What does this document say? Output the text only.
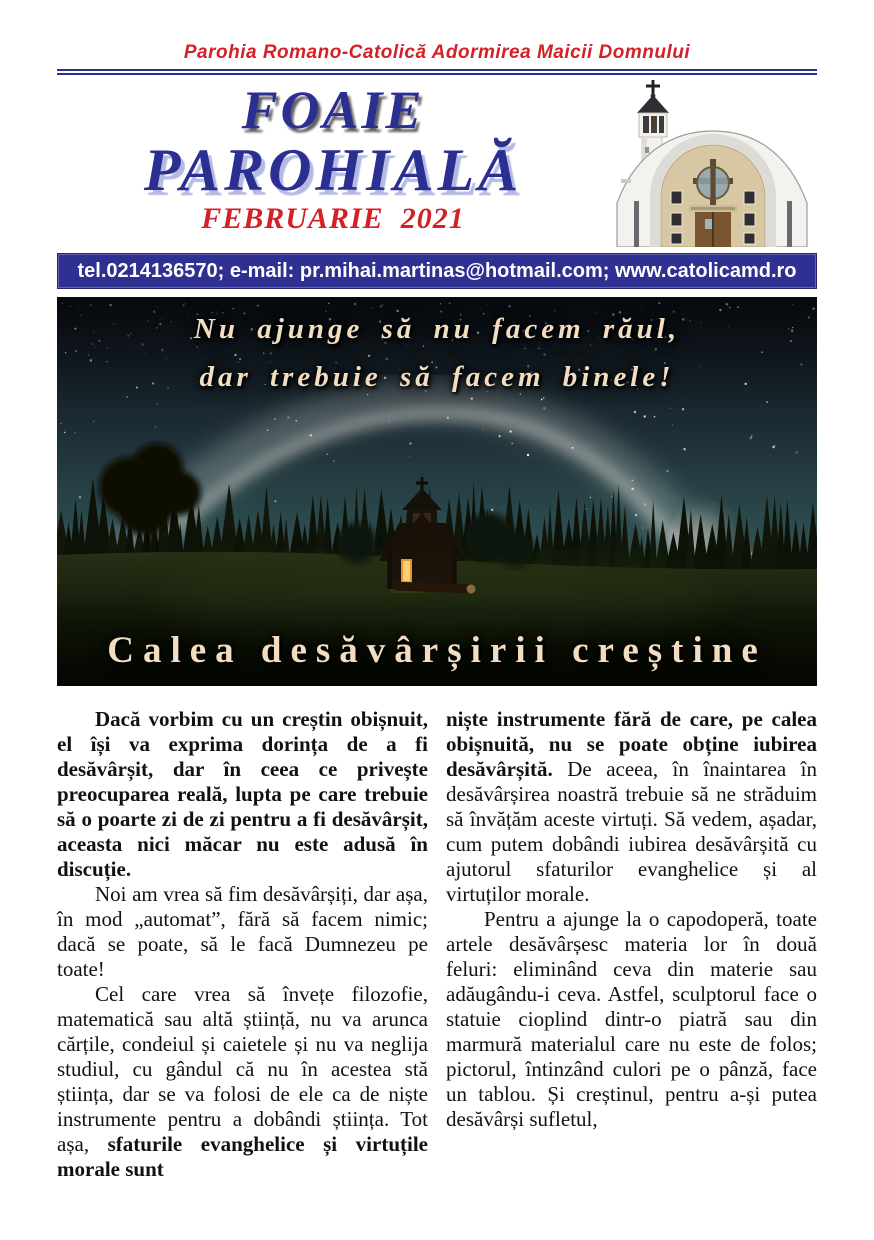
Parohia Romano-Catolică Adormirea Maicii Domnului
FOAIE
PAROHIALĂ
FEBRUARIE  2021
tel.0214136570; e-mail: pr.mihai.martinas@hotmail.com; www.catolicamd.ro
Nu ajunge să nu facem răul,
dar trebuie să facem binele!
Calea desăvârșirii creștine

Dacă vorbim cu un creștin obișnuit, el își va exprima dorința de a fi desăvârșit, dar în ceea ce privește preocuparea reală, lupta pe care trebuie să o poarte zi de zi pentru a fi desăvârșit, aceasta nici măcar nu este adusă în discuție.

Noi am vrea să fim desăvârșiți, dar așa, în mod „automat”, fără să facem nimic; dacă se poate, să le facă Dumnezeu pe toate!

Cel care vrea să învețe filozofie, matematică sau altă știință, nu va arunca cărțile, condeiul și caietele și nu va neglija studiul, cu gândul că nu în acestea stă știința, dar se va folosi de ele ca de niște instrumente pentru a dobândi știința. Tot așa, sfaturile evanghelice și virtuțile morale sunt

niște instrumente fără de care, pe calea obișnuită, nu se poate obține iubirea desăvârșită. De aceea, în înaintarea în desăvârșirea noastră trebuie să ne străduim să învățăm aceste virtuți. Să vedem, așadar, cum putem dobândi iubirea desăvârșită cu ajutorul sfaturilor evanghelice și al virtuților morale.

Pentru a ajunge la o capodoperă, toate artele desăvârșesc materia lor în două feluri: eliminând ceva din materie sau adăugându-i ceva. Astfel, sculptorul face o statuie cioplind dintr-o piatră sau din marmură materialul care nu este de folos; pictorul, întinzând culori pe o pânză, face un tablou. Și creștinul, pentru a-și putea desăvârși sufletul,
